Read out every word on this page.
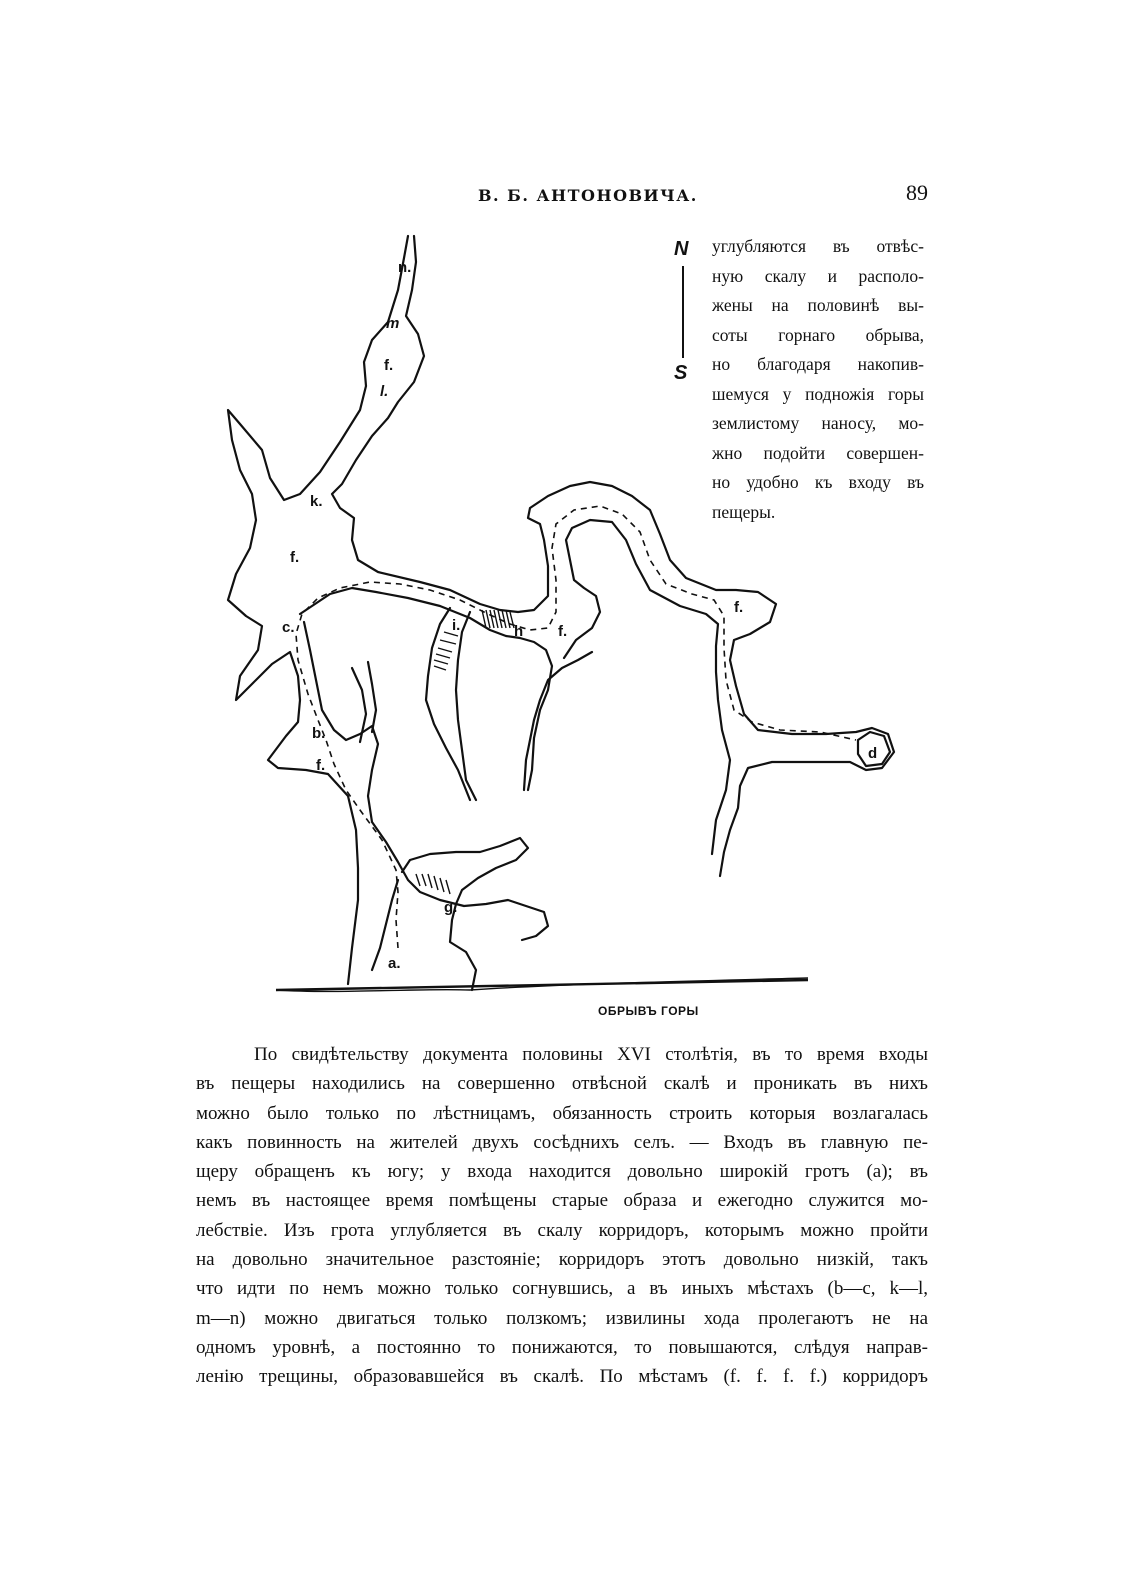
В. Б. АНТОНОВИЧА.	89
N
S
углубляются въ отвѣс-
ную скалу и располо-
жены на половинѣ вы-
соты горнаго обрыва,
но благодаря накопив-
шемуся у подножія горы
землистому наносу, мо-
жно подойти совершен-
но удобно къ входу въ
пещеры.
n.
m
f.
l.
k.
f.
c.	i.	h f.
f.
d
b.
f.
g.
a.
ОБРЫВЪ ГОРЫ
По свидѣтельству документа половины XVI столѣтія, въ то время входы
въ пещеры находились на совершенно отвѣсной скалѣ и проникать въ нихъ
можно было только по лѣстницамъ, обязанность строить которыя возлагалась
какъ повинность на жителей двухъ сосѣднихъ селъ. — Входъ въ главную пе-
щеру обращенъ къ югу; у входа находится довольно широкій гротъ (а); въ
немъ въ настоящее время помѣщены старые образа и ежегодно служится мо-
лебствіе. Изъ грота углубляется въ скалу корридоръ, которымъ можно пройти
на довольно значительное разстояніе; корридоръ этотъ довольно низкій, такъ
что идти по немъ можно только согнувшись, а въ иныхъ мѣстахъ (b—c, k—l,
m—n) можно двигаться только ползкомъ; извилины хода пролегаютъ не на
одномъ уровнѣ, а постоянно то понижаются, то повышаются, слѣдуя направ-
ленію трещины, образовавшейся въ скалѣ. По мѣстамъ (f. f. f. f.) корридоръ
